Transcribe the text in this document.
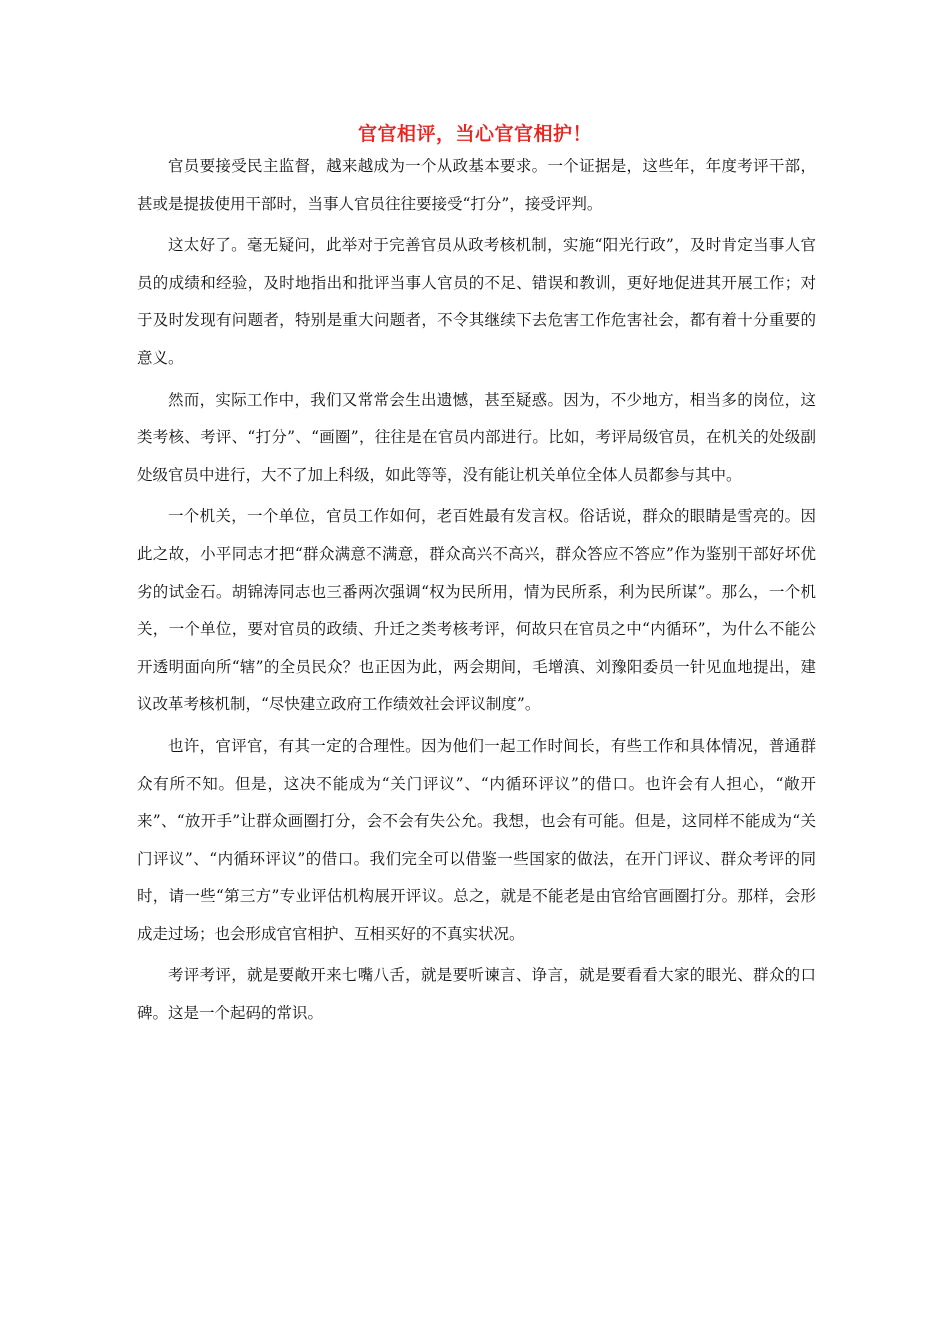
官官相评，当心官官相护！

官员要接受民主监督，越来越成为一个从政基本要求。一个证据是，这些年，年度考评干部，甚或是提拔使用干部时，当事人官员往往要接受“打分”，接受评判。

这太好了。毫无疑问，此举对于完善官员从政考核机制，实施“阳光行政”，及时肯定当事人官员的成绩和经验，及时地指出和批评当事人官员的不足、错误和教训，更好地促进其开展工作；对于及时发现有问题者，特别是重大问题者，不令其继续下去危害工作危害社会，都有着十分重要的意义。

然而，实际工作中，我们又常常会生出遗憾，甚至疑惑。因为，不少地方，相当多的岗位，这类考核、考评、“打分”、“画圈”，往往是在官员内部进行。比如，考评局级官员，在机关的处级副处级官员中进行，大不了加上科级，如此等等，没有能让机关单位全体人员都参与其中。

一个机关，一个单位，官员工作如何，老百姓最有发言权。俗话说，群众的眼睛是雪亮的。因此之故，小平同志才把“群众满意不满意，群众高兴不高兴，群众答应不答应”作为鉴别干部好坏优劣的试金石。胡锦涛同志也三番两次强调“权为民所用，情为民所系，利为民所谋”。那么，一个机关，一个单位，要对官员的政绩、升迁之类考核考评，何故只在官员之中“内循环”，为什么不能公开透明面向所“辖”的全员民众？也正因为此，两会期间，毛增滇、刘豫阳委员一针见血地提出，建议改革考核机制，“尽快建立政府工作绩效社会评议制度”。

也许，官评官，有其一定的合理性。因为他们一起工作时间长，有些工作和具体情况，普通群众有所不知。但是，这决不能成为“关门评议”、“内循环评议”的借口。也许会有人担心，“敞开来”、“放开手”让群众画圈打分，会不会有失公允。我想，也会有可能。但是，这同样不能成为“关门评议”、“内循环评议”的借口。我们完全可以借鉴一些国家的做法，在开门评议、群众考评的同时，请一些“第三方”专业评估机构展开评议。总之，就是不能老是由官给官画圈打分。那样，会形成走过场；也会形成官官相护、互相买好的不真实状况。

考评考评，就是要敞开来七嘴八舌，就是要听谏言、诤言，就是要看看大家的眼光、群众的口碑。这是一个起码的常识。
